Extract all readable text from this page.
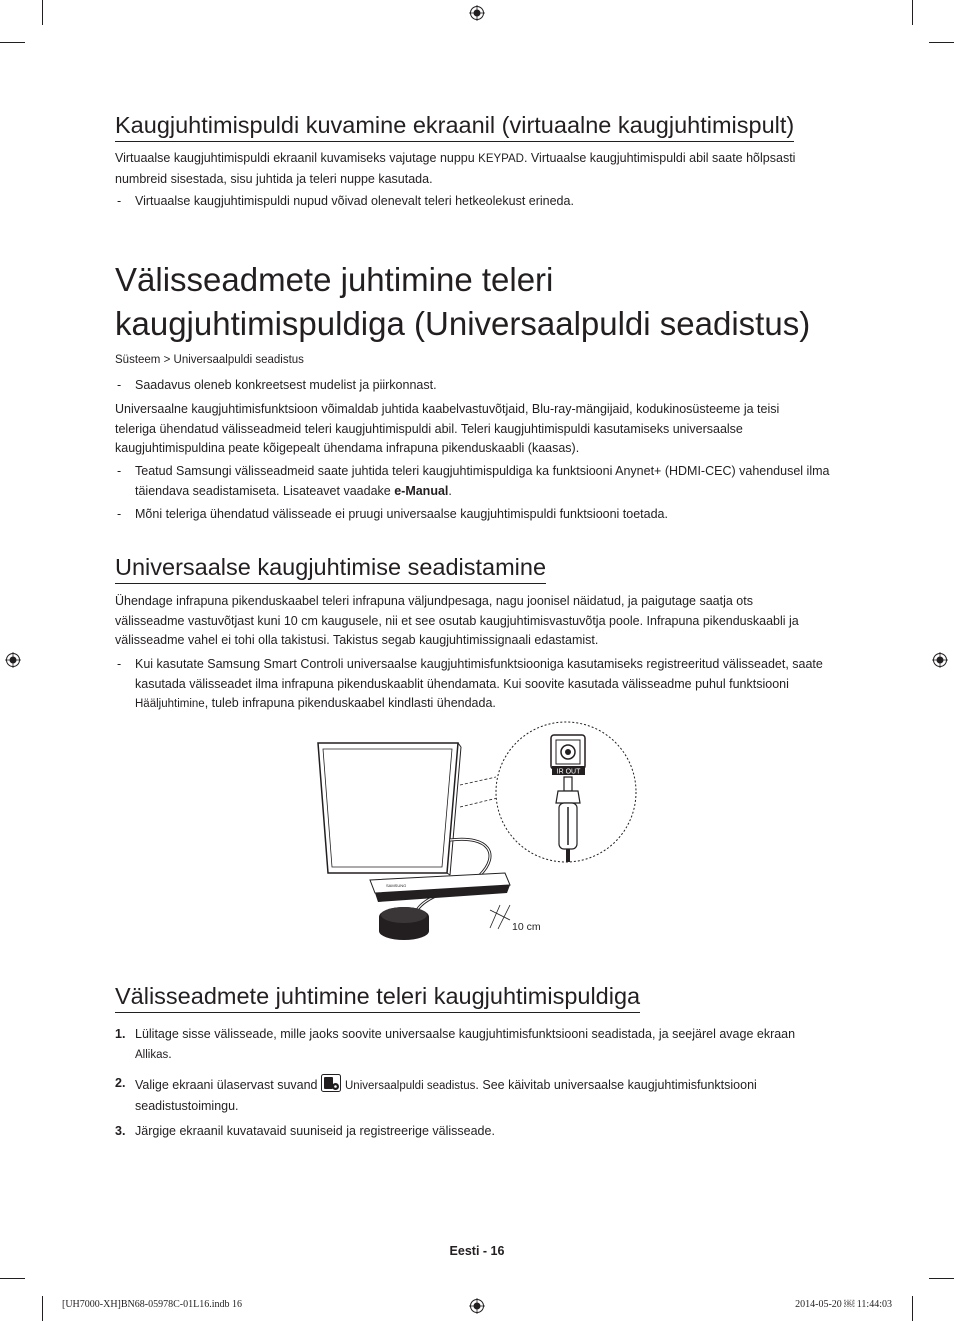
Kaugjuhtimispuldi kuvamine ekraanil (virtuaalne kaugjuhtimispult)

Virtuaalse kaugjuhtimispuldi ekraanil kuvamiseks vajutage nuppu KEYPAD. Virtuaalse kaugjuhtimispuldi abil saate hõlpsasti numbreid sisestada, sisu juhtida ja teleri nuppe kasutada.

-	Virtuaalse kaugjuhtimispuldi nupud võivad olenevalt teleri hetkeolekust erineda.
Välisseadmete juhtimine teleri
kaugjuhtimispuldiga (Universaalpuldi seadistus)
Süsteem > Universaalpuldi seadistus
-	Saadavus oleneb konkreetsest mudelist ja piirkonnast.

Universaalne kaugjuhtimisfunktsioon võimaldab juhtida kaabelvastuvõtjaid, Blu-ray-mängijaid, kodukinosüsteeme ja teisi teleriga ühendatud välisseadmeid teleri kaugjuhtimispuldi abil. Teleri kaugjuhtimispuldi kasutamiseks universaalse kaugjuhtimispuldina peate kõigepealt ühendama infrapuna pikenduskaabli (kaasas).

-	Teatud Samsungi välisseadmeid saate juhtida teleri kaugjuhtimispuldiga ka funktsiooni Anynet+ (HDMI-CEC) vahendusel ilma täiendava seadistamiseta. Lisateavet vaadake e-Manual.
-	Mõni teleriga ühendatud välisseade ei pruugi universaalse kaugjuhtimispuldi funktsiooni toetada.
Universaalse kaugjuhtimise seadistamine

Ühendage infrapuna pikenduskaabel teleri infrapuna väljundpesaga, nagu joonisel näidatud, ja paigutage saatja ots välisseadme vastuvõtjast kuni 10 cm kaugusele, nii et see osutab kaugjuhtimisvastuvõtja poole. Infrapuna pikenduskaabli ja välisseadme vahel ei tohi olla takistusi. Takistus segab kaugjuhtimissignaali edastamist.

-	Kui kasutate Samsung Smart Controli universaalse kaugjuhtimisfunktsiooniga kasutamiseks registreeritud välisseadet, saate kasutada välisseadet ilma infrapuna pikenduskaablit ühendamata. Kui soovite kasutada välisseadme puhul funktsiooni Hääljuhtimine, tuleb infrapuna pikenduskaabel kindlasti ühendada.
IR OUT
SAMSUNG
10 cm
Välisseadmete juhtimine teleri kaugjuhtimispuldiga
1. Lülitage sisse välisseade, mille jaoks soovite universaalse kaugjuhtimisfunktsiooni seadistada, ja seejärel avage ekraan Allikas.
2. Valige ekraani ülaservast suvand Universaalpuldi seadistus. See käivitab universaalse kaugjuhtimisfunktsiooni seadistustoimingu.
3. Järgige ekraanil kuvatavaid suuniseid ja registreerige välisseade.
Eesti - 16
[UH7000-XH]BN68-05978C-01L16.indb 16	2014-05-20 ￼ 11:44:03
